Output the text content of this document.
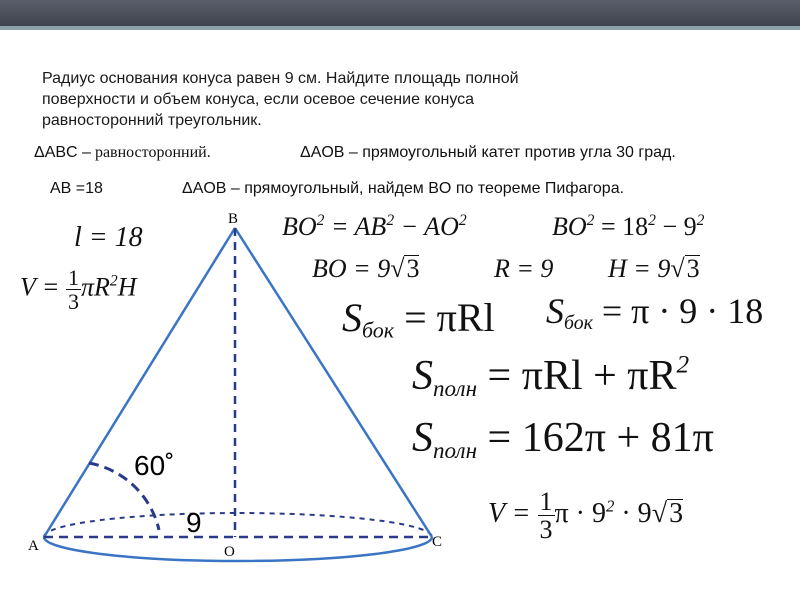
Радиус основания конуса равен 9 см. Найдите площадь полной
поверхности и объем конуса, если осевое сечение конуса
равносторонний треугольник.
ΔABC – равносторонний.	ΔAOB – прямоугольный катет против угла 30 град.
AB =18	ΔAOB – прямоугольный, найдем BO по теореме Пифагора.
B
A	C
O
60˚
9
l = 18
$V = \frac{1}{3} \pi R^2H$
$BO^2 = AB^2 - AO^2$	$BO^2 = 18^2 - 9^2$
BO = 9√3	R = 9 H = 9√3
$S_{бок} = \pi Rl$ $S_{бок} = \pi \cdot 9 \cdot 18$
$S_{полн} = \pi Rl + \pi R^2$
$S_{полн} = 162\pi + 81\pi$
$V = \frac{1}{3}$ $\pi \cdot 9^2 \cdot 9√3$
